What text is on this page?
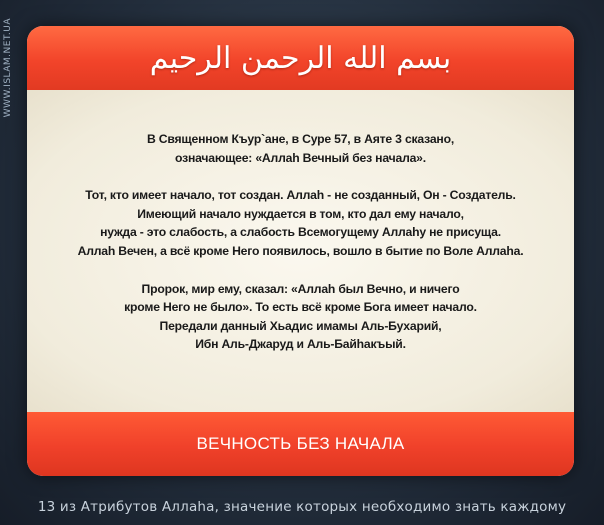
WWW.ISLAM.NET.UA	بسم الله الرحمن الرحيم

В Священном Къур`ане, в Суре 57, в Аяте 3 сказано,
означающее: «Аллаh Вечный без начала».

Тот, кто имеет начало, тот создан. Аллаh - не созданный, Он - Создатель.
Имеющий начало нуждается в том, кто дал ему начало,
нужда - это слабость, а слабость Всемогущему Аллаhу не присуща.
Аллаh Вечен, а всё кроме Него появилось, вошло в бытие по Воле Аллаhа.

Пророк, мир ему, сказал: «Аллаh был Вечно, и ничего
кроме Него не было». То есть всё кроме Бога имеет начало.
Передали данный Хьадис имамы Аль-Бухарий,
Ибн Аль-Джаруд и Аль-Байhакъый.

ВЕЧНОСТЬ БЕЗ НАЧАЛА
13 из Атрибутов Аллаhа, значение которых необходимо знать каждому
